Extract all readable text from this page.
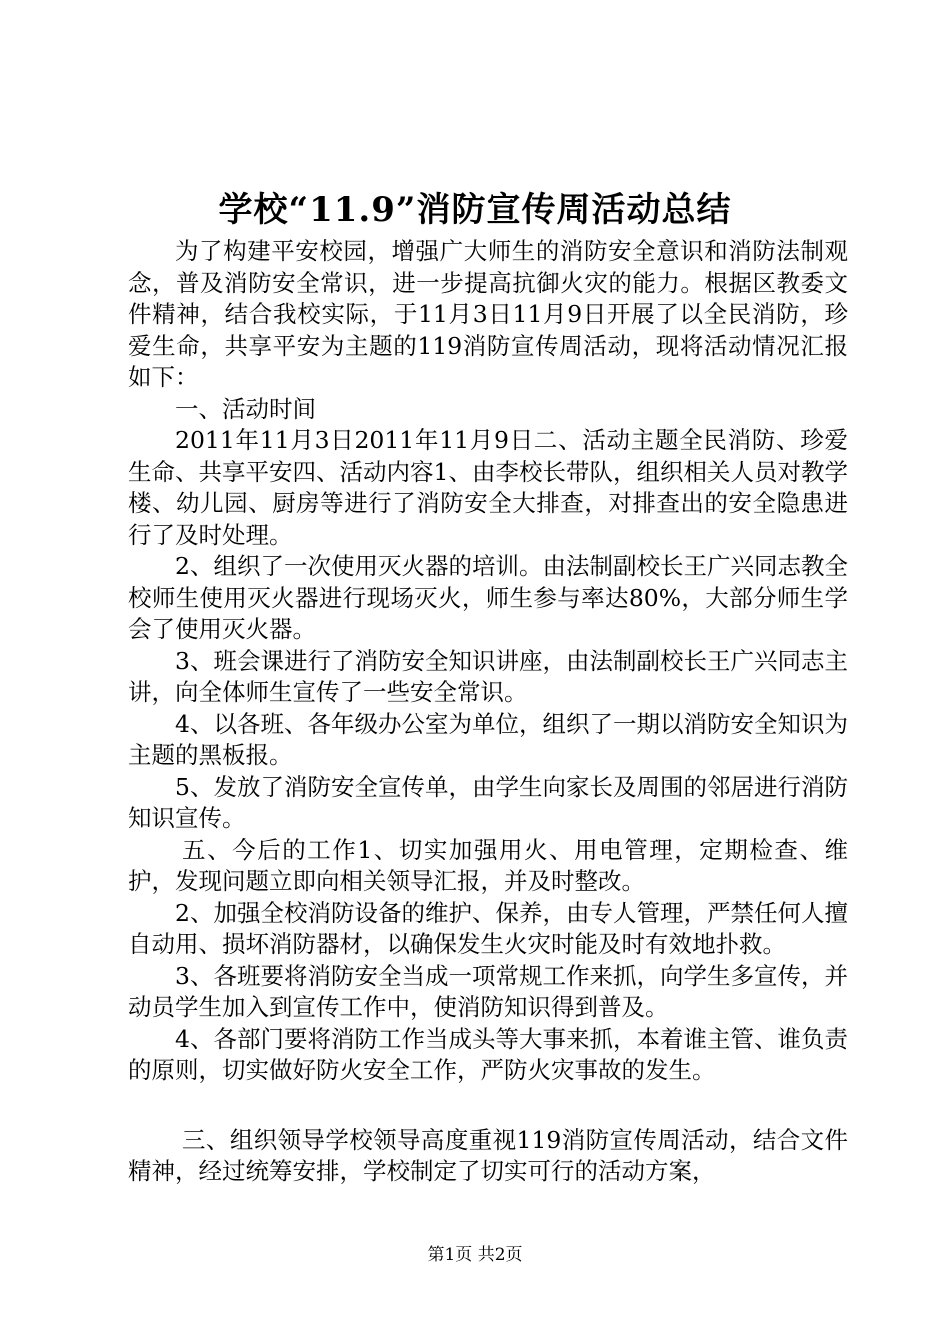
学校“11.9”消防宣传周活动总结

为了构建平安校园，增强广大师生的消防安全意识和消防法制观念，普及消防安全常识，进一步提高抗御火灾的能力。根据区教委文件精神，结合我校实际，于11月3日11月9日开展了以全民消防，珍爱生命，共享平安为主题的119消防宣传周活动，现将活动情况汇报如下：

一、活动时间

2011年11月3日2011年11月9日二、活动主题全民消防、珍爱生命、共享平安四、活动内容1、由李校长带队，组织相关人员对教学楼、幼儿园、厨房等进行了消防安全大排查，对排查出的安全隐患进行了及时处理。

2、组织了一次使用灭火器的培训。由法制副校长王广兴同志教全校师生使用灭火器进行现场灭火，师生参与率达80%，大部分师生学会了使用灭火器。

3、班会课进行了消防安全知识讲座，由法制副校长王广兴同志主讲，向全体师生宣传了一些安全常识。

4、以各班、各年级办公室为单位，组织了一期以消防安全知识为主题的黑板报。

5、发放了消防安全宣传单，由学生向家长及周围的邻居进行消防知识宣传。

五、今后的工作1、切实加强用火、用电管理，定期检查、维护，发现问题立即向相关领导汇报，并及时整改。

2、加强全校消防设备的维护、保养，由专人管理，严禁任何人擅自动用、损坏消防器材，以确保发生火灾时能及时有效地扑救。

3、各班要将消防安全当成一项常规工作来抓，向学生多宣传，并动员学生加入到宣传工作中，使消防知识得到普及。

4、各部门要将消防工作当成头等大事来抓，本着谁主管、谁负责的原则，切实做好防火安全工作，严防火灾事故的发生。

三、组织领导学校领导高度重视119消防宣传周活动，结合文件精神，经过统筹安排，学校制定了切实可行的活动方案，

第1页 共2页
